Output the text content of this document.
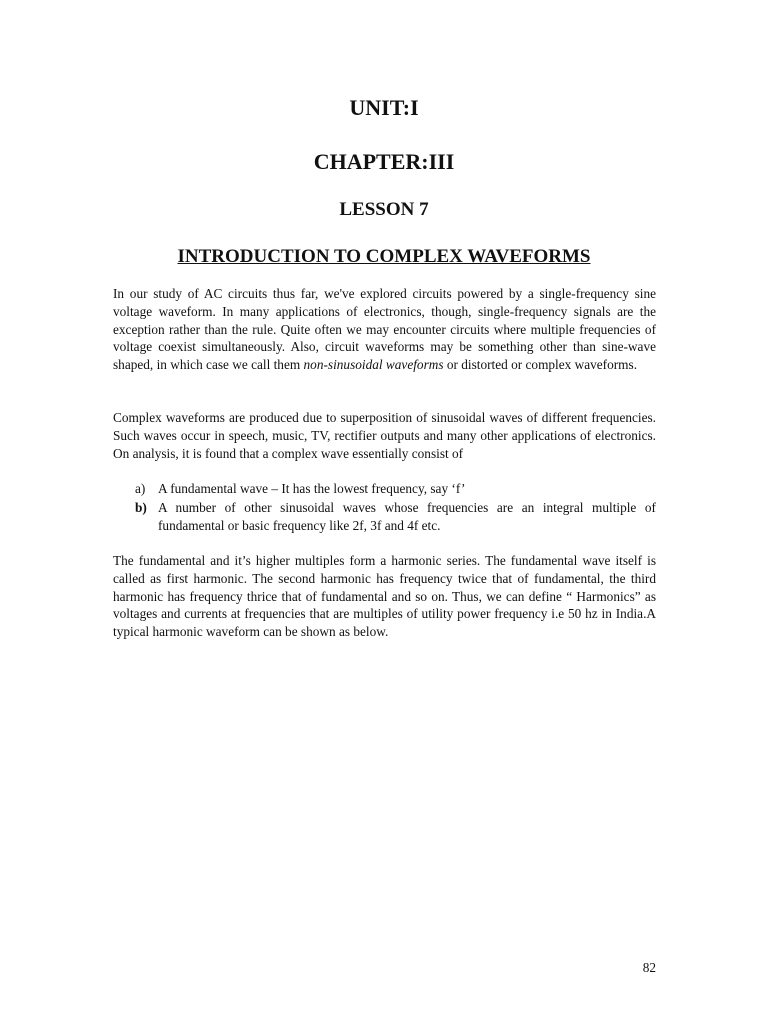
UNIT:I
CHAPTER:III
LESSON 7
INTRODUCTION TO COMPLEX WAVEFORMS

In our study of AC circuits thus far, we've explored circuits powered by a single-frequency sine voltage waveform. In many applications of electronics, though, single-frequency signals are the exception rather than the rule. Quite often we may encounter circuits where multiple frequencies of voltage coexist simultaneously. Also, circuit waveforms may be something other than sine-wave shaped, in which case we call them non-sinusoidal waveforms or distorted or complex waveforms.

Complex waveforms are produced due to superposition of sinusoidal waves of different frequencies. Such waves occur in speech, music, TV, rectifier outputs and many other applications of electronics. On analysis, it is found that a complex wave essentially consist of

a) A fundamental wave – It has the lowest frequency, say ‘f’
b) A number of other sinusoidal waves whose frequencies are an integral multiple of fundamental or basic frequency like 2f, 3f and 4f etc.

The fundamental and it’s higher multiples form a harmonic series. The fundamental wave itself is called as first harmonic. The second harmonic has frequency twice that of fundamental, the third harmonic has frequency thrice that of fundamental and so on. Thus, we can define “ Harmonics” as voltages and currents at frequencies that are multiples of utility power frequency i.e 50 hz in India.A typical harmonic waveform can be shown as below.

82
